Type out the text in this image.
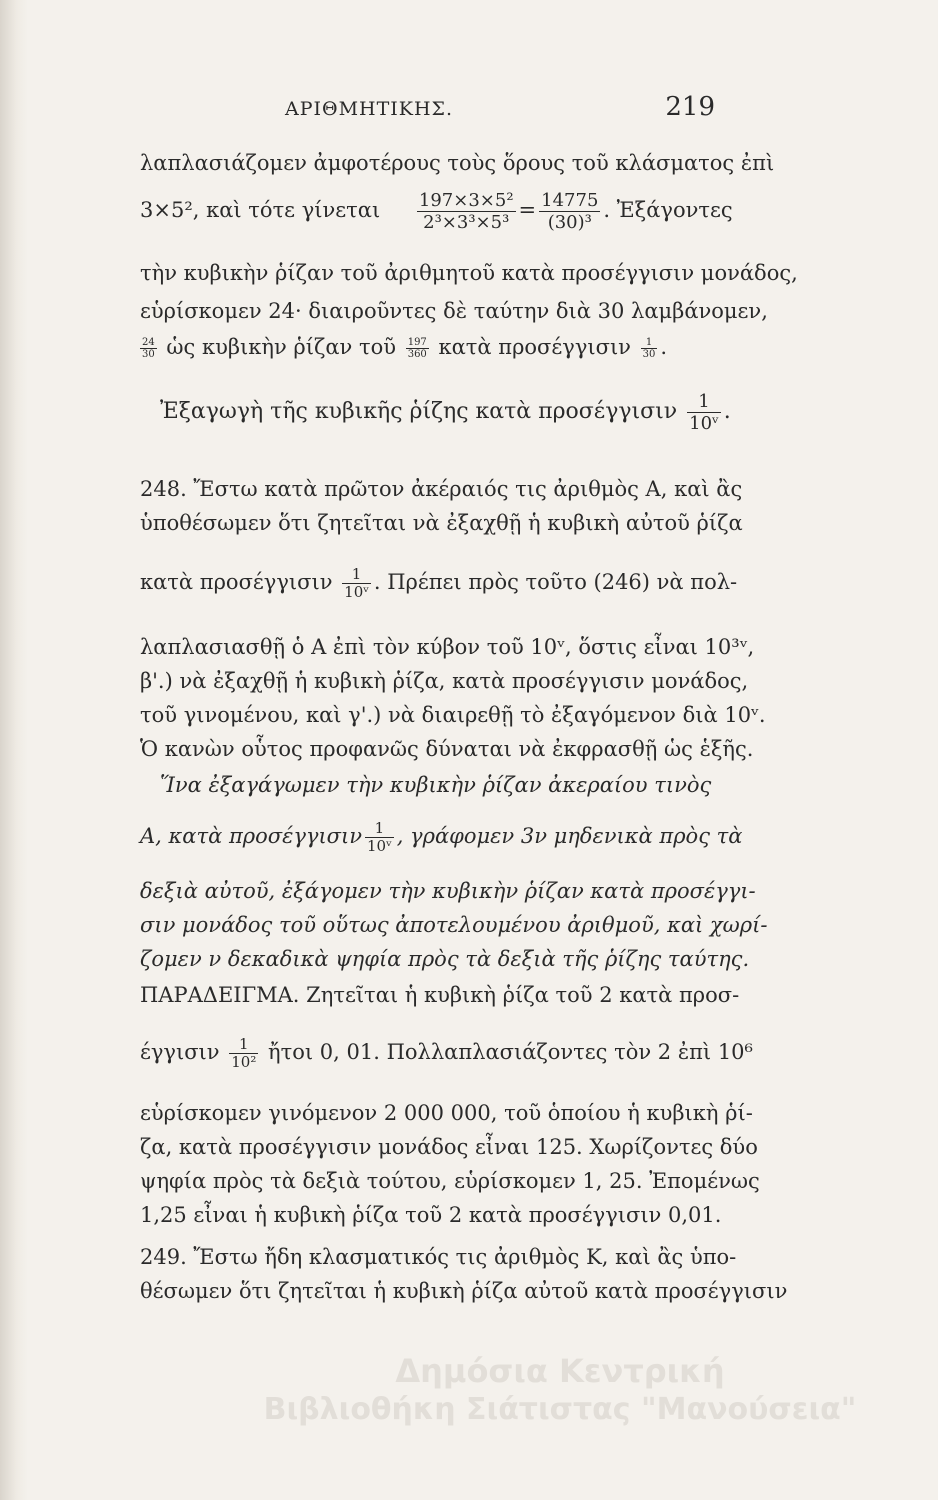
ΑΡΙΘΜΗΤΙΚΗΣ.	219
λαπλασιάζομεν ἀμφοτέρους τοὺς ὅρους τοῦ κλάσματος ἐπὶ
3×5², καὶ τότε γίνεται $\frac{\text{197×3×5²}}{\text{2³×3³×5³}} = \frac{14775}{\text{(30)³}}$ . Ἐξάγοντες
τὴν κυβικὴν ῥίζαν τοῦ ἀριθμητοῦ κατὰ προσέγγισιν μονάδος,
εὑρίσκομεν 24· διαιροῦντες δὲ ταύτην διὰ 30 λαμβάνομεν,
$\frac{24}{30}$ ὡς κυβικὴν ῥίζαν τοῦ $\frac{197}{360}$ κατὰ προσέγγισιν $\frac{1}{30}$ .
Ἐξαγωγὴ τῆς κυβικῆς ῥίζης κατὰ προσέγγισιν $\frac{1}{\text{10ᵛ}}$ .
248. Ἔστω κατὰ πρῶτον ἀκέραιός τις ἀριθμὸς Α, καὶ ἂς
ὑποθέσωμεν ὅτι ζητεῖται νὰ ἐξαχθῇ ἡ κυβικὴ αὐτοῦ ῥίζα
κατὰ προσέγγισιν $\frac{1}{\text{10ᵛ}}$ . Πρέπει πρὸς τοῦτο (246) νὰ πολ-
λαπλασιασθῇ ὁ Α ἐπὶ τὸν κύβον τοῦ 10ᵛ, ὅστις εἶναι 10³ᵛ,
β'.) νὰ ἐξαχθῇ ἡ κυβικὴ ῥίζα, κατὰ προσέγγισιν μονάδος,
τοῦ γινομένου, καὶ γ'.) νὰ διαιρεθῇ τὸ ἐξαγόμενον διὰ 10ᵛ.
Ὁ κανὼν οὗτος προφανῶς δύναται νὰ ἐκφρασθῇ ὡς ἑξῆς.
Ἵνα ἐξαγάγωμεν τὴν κυβικὴν ῥίζαν ἀκεραίου τινὸς
Α, κατὰ προσέγγισιν $\frac{1}{\text{10ᵛ}}$ , γράφομεν 3ν μηδενικὰ πρὸς τὰ
δεξιὰ αὐτοῦ, ἐξάγομεν τὴν κυβικὴν ῥίζαν κατὰ προσέγγι-
σιν μονάδος τοῦ οὕτως ἀποτελουμένου ἀριθμοῦ, καὶ χωρί-
ζομεν ν δεκαδικὰ ψηφία πρὸς τὰ δεξιὰ τῆς ῥίζης ταύτης.
ΠΑΡΑΔΕΙΓΜΑ. Ζητεῖται ἡ κυβικὴ ῥίζα τοῦ 2 κατὰ προσ-
έγγισιν $\frac{1}{\text{10²}}$ ἤτοι 0, 01. Πολλαπλασιάζοντες τὸν 2 ἐπὶ 10⁶
εὑρίσκομεν γινόμενον 2 000 000, τοῦ ὁποίου ἡ κυβικὴ ῥί-
ζα, κατὰ προσέγγισιν μονάδος εἶναι 125. Χωρίζοντες δύο
ψηφία πρὸς τὰ δεξιὰ τούτου, εὑρίσκομεν 1, 25. Ἐπομένως
1,25 εἶναι ἡ κυβικὴ ῥίζα τοῦ 2 κατὰ προσέγγισιν 0,01.
249. Ἔστω ἤδη κλασματικός τις ἀριθμὸς Κ, καὶ ἂς ὑπο-
θέσωμεν ὅτι ζητεῖται ἡ κυβικὴ ῥίζα αὐτοῦ κατὰ προσέγγισιν
Δημόσια Κεντρική
Βιβλιοθήκη Σιάτιστας "Μανούσεια"
